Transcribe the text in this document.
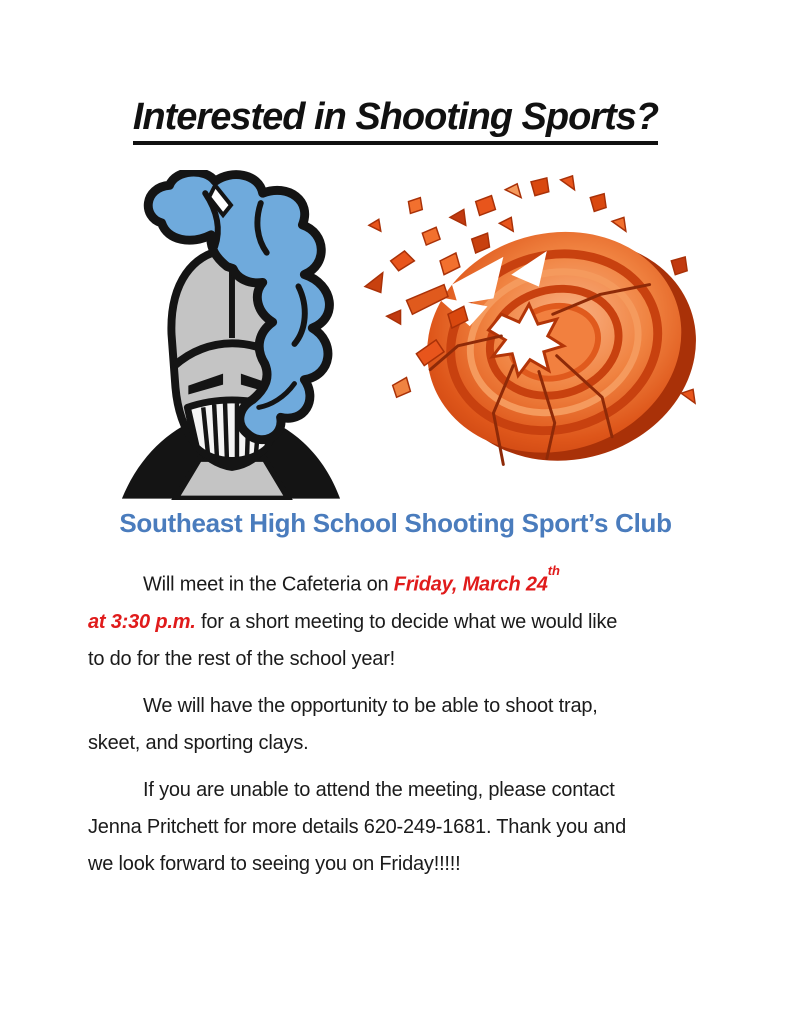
Interested in Shooting Sports?
Southeast High School Shooting Sport’s Club

Will meet in the Cafeteria on Friday, March 24th
at 3:30 p.m. for a short meeting to decide what we would like
to do for the rest of the school year!

We will have the opportunity to be able to shoot trap,
skeet, and sporting clays.

If you are unable to attend the meeting, please contact
Jenna Pritchett for more details 620-249-1681. Thank you and
we look forward to seeing you on Friday!!!!!
